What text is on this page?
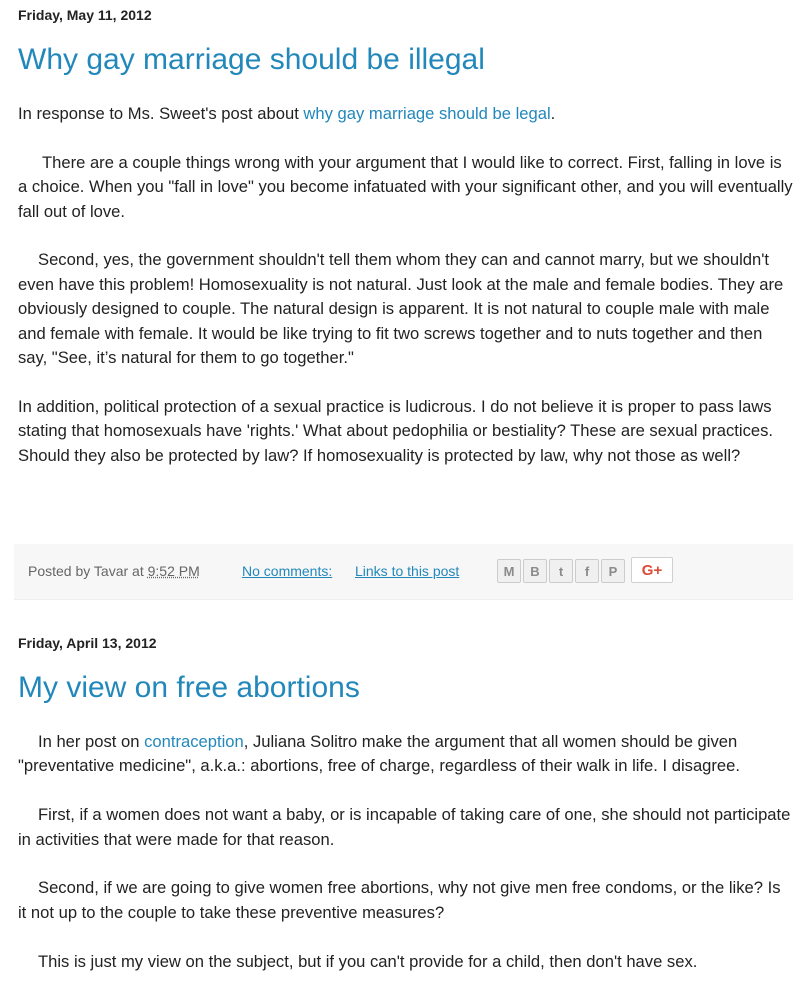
Friday, May 11, 2012
Why gay marriage should be illegal

In response to Ms. Sweet's post about why gay marriage should be legal.

There are a couple things wrong with your argument that I would like to correct. First, falling in love is a choice. When you "fall in love" you become infatuated with your significant other, and you will eventually fall out of love.

Second, yes, the government shouldn't tell them whom they can and cannot marry, but we shouldn't even have this problem! Homosexuality is not natural. Just look at the male and female bodies. They are obviously designed to couple. The natural design is apparent. It is not natural to couple male with male and female with female. It would be like trying to fit two screws together and to nuts together and then say, "See, it’s natural for them to go together."

In addition, political protection of a sexual practice is ludicrous. I do not believe it is proper to pass laws stating that homosexuals have 'rights.' What about pedophilia or bestiality? These are sexual practices. Should they also be protected by law? If homosexuality is protected by law, why not those as well?

Posted by Tavar at 9:52 PM	No comments: Links to this post	M B t f P G+
Friday, April 13, 2012
My view on free abortions

In her post on contraception, Juliana Solitro make the argument that all women should be given "preventative medicine", a.k.a.: abortions, free of charge, regardless of their walk in life. I disagree.

First, if a women does not want a baby, or is incapable of taking care of one, she should not participate in activities that were made for that reason.

Second, if we are going to give women free abortions, why not give men free condoms, or the like? Is it not up to the couple to take these preventive measures?

This is just my view on the subject, but if you can't provide for a child, then don't have sex.
